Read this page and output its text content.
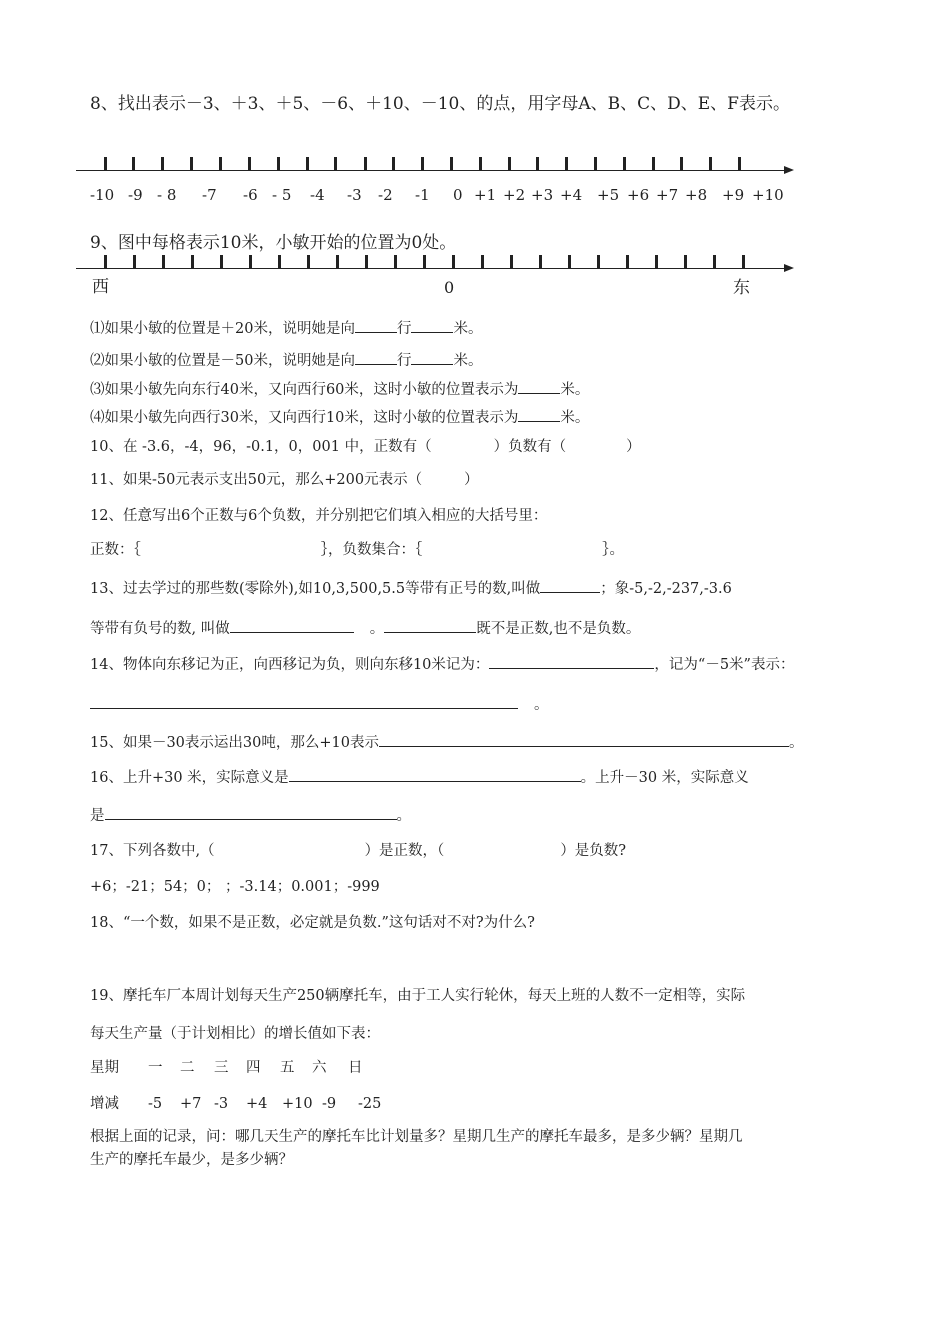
8、找出表示－3、＋3、＋5、－6、＋10、－10、的点，用字母A、B、C、D、E、F表示。
-10 -9 - 8 -7 -6 - 5 -4 -3 -2 -1 0 +1 +2 +3 +4 +5 +6 +7 +8 +9 +10
9、图中每格表示10米，小敏开始的位置为0处。
西	0	东
⑴如果小敏的位置是＋20米，说明她是向	行	米。
⑵如果小敏的位置是－50米，说明她是向	行	米。
⑶如果小敏先向东行40米，又向西行60米，这时小敏的位置表示为	米。
⑷如果小敏先向西行30米，又向西行10米，这时小敏的位置表示为	米。
10、在 -3.6，-4，96，-0.1，0，001 中，正数有（	）负数有（	）
11、如果-50元表示支出50元，那么+200元表示（	）
12、任意写出6个正数与6个负数，并分别把它们填入相应的大括号里：
正数：｛	｝，负数集合：｛	｝。
13、过去学过的那些数(零除外),如10,3,500,5.5等带有正号的数,叫做	；象-5,-2,-237,-3.6
等带有负号的数, 叫做	。	既不是正数,也不是负数。
14、物体向东移记为正，向西移记为负，则向东移10米记为：	，记为“－5米”表示：
。
15、如果－30表示运出30吨，那么+10表示	。
16、上升+30 米，实际意义是	。上升－30 米，实际意义
是	。
17、下列各数中,（	）是正数，（	）是负数?
+6；-21；54；0； ；-3.14；0.001；-999
18、“一个数，如果不是正数，必定就是负数.”这句话对不对?为什么?
19、摩托车厂本周计划每天生产250辆摩托车，由于工人实行轮休，每天上班的人数不一定相等，实际
每天生产量（于计划相比）的增长值如下表：
星期 一 二 三 四 五 六 日
增减 -5 +7 -3 +4 +10 -9 -25
根据上面的记录，问：哪几天生产的摩托车比计划量多？星期几生产的摩托车最多，是多少辆？星期几
生产的摩托车最少，是多少辆？
